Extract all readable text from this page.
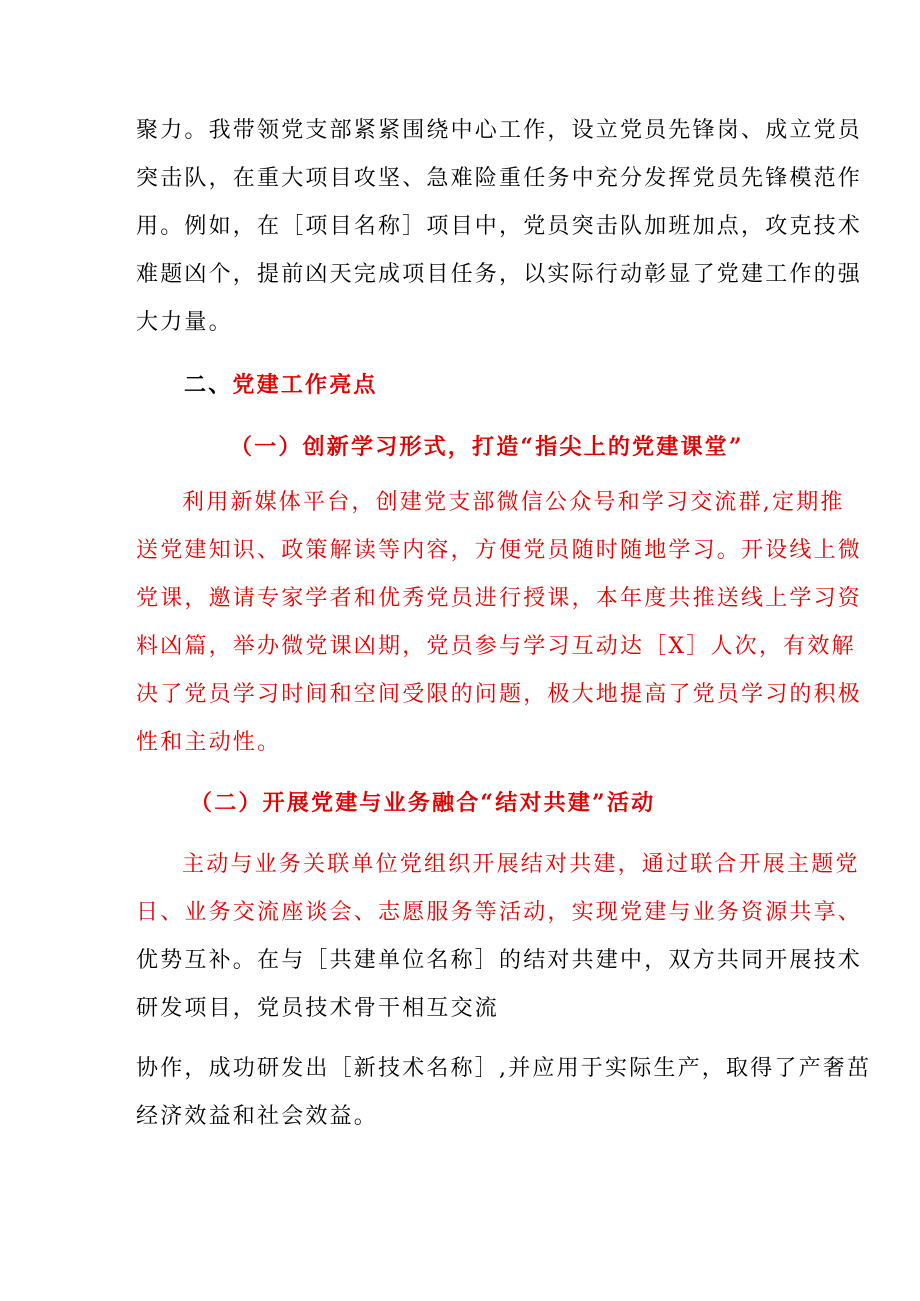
聚力。我带领党支部紧紧围绕中心工作，设立党员先锋岗、成立党员
突击队，在重大项目攻坚、急难险重任务中充分发挥党员先锋模范作
用。例如，在［项目名称］项目中，党员突击队加班加点，攻克技术
难题凶个，提前凶天完成项目任务，以实际行动彰显了党建工作的强
大力量。
二、党建工作亮点
（一）创新学习形式，打造“指尖上的党建课堂”
利用新媒体平台，创建党支部微信公众号和学习交流群,定期推
送党建知识、政策解读等内容，方便党员随时随地学习。开设线上微
党课，邀请专家学者和优秀党员进行授课，本年度共推送线上学习资
料凶篇，举办微党课凶期，党员参与学习互动达［X］人次，有效解
决了党员学习时间和空间受限的问题，极大地提高了党员学习的积极
性和主动性。
（二）开展党建与业务融合“结对共建”活动
主动与业务关联单位党组织开展结对共建，通过联合开展主题党
日、业务交流座谈会、志愿服务等活动，实现党建与业务资源共享、
优势互补。在与［共建单位名称］的结对共建中，双方共同开展技术
研发项目，党员技术骨干相互交流
协作，成功研发出［新技术名称］,并应用于实际生产，取得了产奢茁
经济效益和社会效益。
